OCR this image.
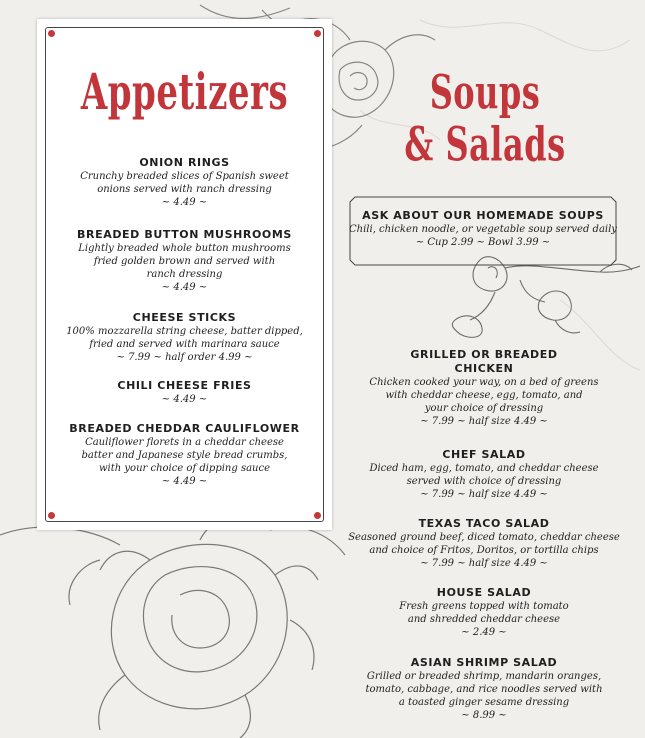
Appetizers
ONION RINGS
Crunchy breaded slices of Spanish sweet
onions served with ranch dressing
~ 4.49 ~
BREADED BUTTON MUSHROOMS
Lightly breaded whole button mushrooms
fried golden brown and served with
ranch dressing
~ 4.49 ~
CHEESE STICKS
100% mozzarella string cheese, batter dipped,
fried and served with marinara sauce
~ 7.99 ~ half order 4.99 ~
CHILI CHEESE FRIES
~ 4.49 ~
BREADED CHEDDAR CAULIFLOWER
Cauliflower florets in a cheddar cheese
batter and Japanese style bread crumbs,
with your choice of dipping sauce
~ 4.49 ~
Soups
& Salads
ASK ABOUT OUR HOMEMADE SOUPS
Chili, chicken noodle, or vegetable soup served daily
~ Cup 2.99 ~ Bowl 3.99 ~
GRILLED OR BREADED
CHICKEN
Chicken cooked your way, on a bed of greens
with cheddar cheese, egg, tomato, and
your choice of dressing
~ 7.99 ~ half size 4.49 ~
CHEF SALAD
Diced ham, egg, tomato, and cheddar cheese
served with choice of dressing
~ 7.99 ~ half size 4.49 ~
TEXAS TACO SALAD
Seasoned ground beef, diced tomato, cheddar cheese
and choice of Fritos, Doritos, or tortilla chips
~ 7.99 ~ half size 4.49 ~
HOUSE SALAD
Fresh greens topped with tomato
and shredded cheddar cheese
~ 2.49 ~
ASIAN SHRIMP SALAD
Grilled or breaded shrimp, mandarin oranges,
tomato, cabbage, and rice noodles served with
a toasted ginger sesame dressing
~ 8.99 ~
